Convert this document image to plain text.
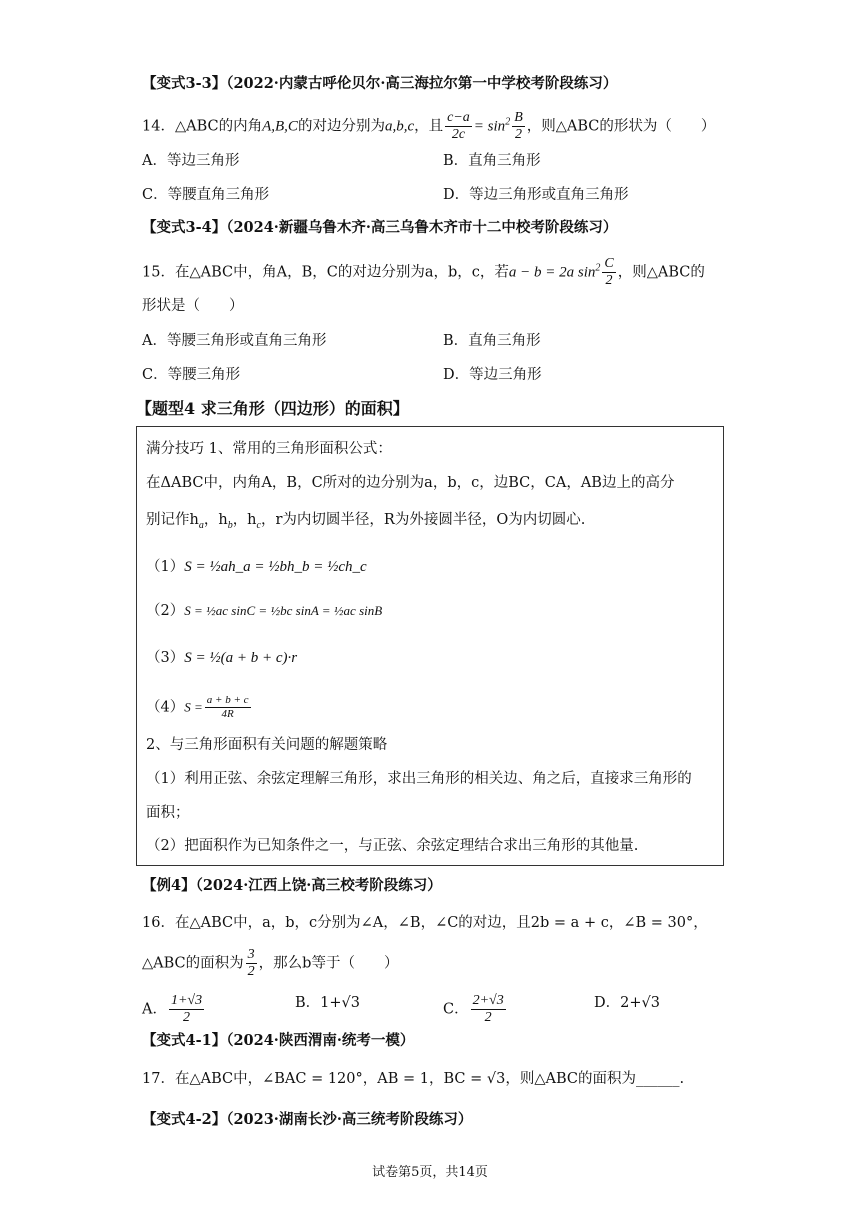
【变式3-3】（2022·内蒙古呼伦贝尔·高三海拉尔第一中学校考阶段练习）
14．△ABC的内角A,B,C的对边分别为a,b,c，且 $\frac{c-a}{2c} = \sin^2 \frac{B}{2}$ ，则△ABC的形状为（　　）
A．等边三角形	B．直角三角形
C．等腰直角三角形	D．等边三角形或直角三角形
【变式3-4】（2024·新疆乌鲁木齐·高三乌鲁木齐市十二中校考阶段练习）
15．在△ABC中，角A，B，C的对边分别为a，b，c，若a − b = 2a $\sin^2 \frac{C}{2}$ ，则△ABC的
形状是（　　）
A．等腰三角形或直角三角形	B．直角三角形
C．等腰三角形	D．等边三角形
【题型4 求三角形（四边形）的面积】
满分技巧 1、常用的三角形面积公式：
在ΔABC中，内角A，B，C所对的边分别为a，b，c，边BC，CA，AB边上的高分
别记作$h_a$，$h_b$，$h_c$，r为内切圆半径，R为外接圆半径，O为内切圆心.
（1）S = ½ah_a = ½bh_b = ½ch_c
（2）S = ½ac sinC = ½bc sinA = ½ac sinB
（3）S = ½(a + b + c)·r
$(4)S = \frac{a + b + c}{4R}$
2、与三角形面积有关问题的解题策略
（1）利用正弦、余弦定理解三角形，求出三角形的相关边、角之后，直接求三角形的
面积；
（2）把面积作为已知条件之一，与正弦、余弦定理结合求出三角形的其他量.
【例4】（2024·江西上饶·高三校考阶段练习）
16．在△ABC中，a，b，c分别为∠A，∠B，∠C的对边，且2b = a + c，∠B = 30°，
△ABC的面积为 $\frac{3}{2}$ ，那么b等于（　　）
A． $\frac{1+√3}{2}$	B．1+√3	C． $\frac{2+√3}{2}$	D．2+√3
【变式4-1】（2024·陕西渭南·统考一模）
17．在△ABC中，∠BAC = 120°，AB = 1，BC = √3，则△ABC的面积为______.
【变式4-2】（2023·湖南长沙·高三统考阶段练习）
试卷第5页，共14页
